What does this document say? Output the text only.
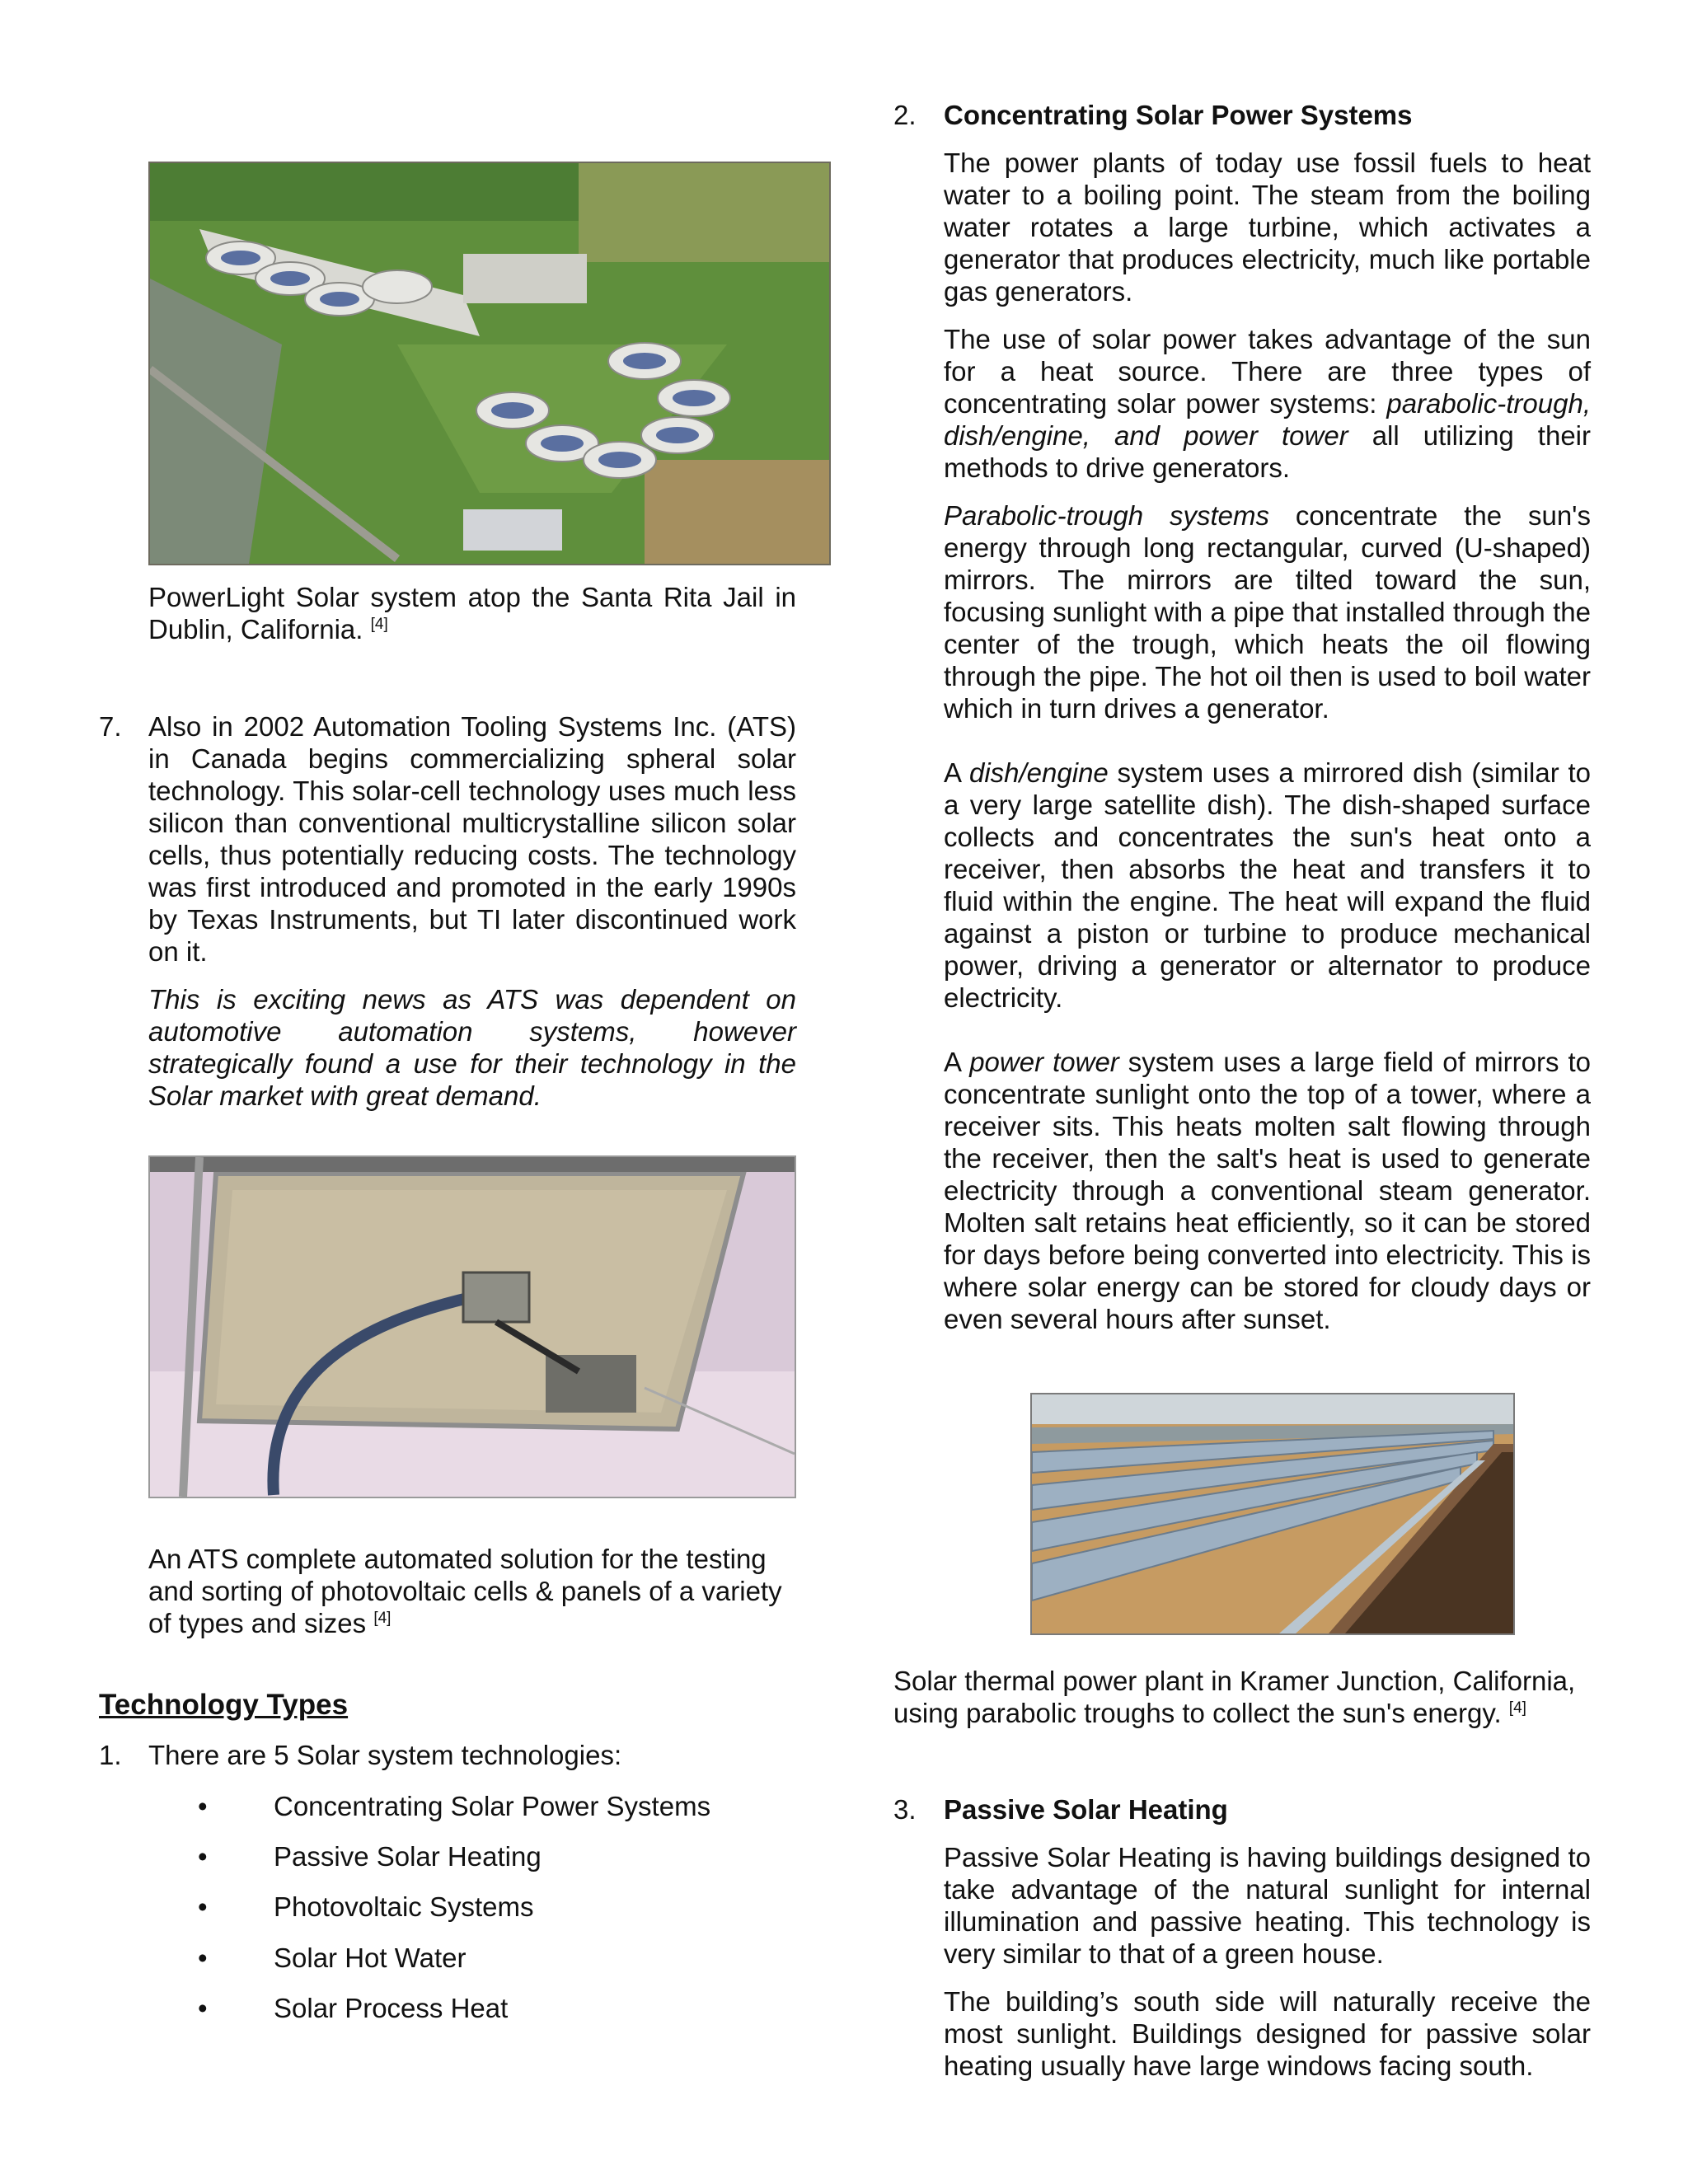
PowerLight Solar system atop the Santa Rita Jail in Dublin, California. [4]

7. Also in 2002 Automation Tooling Systems Inc. (ATS) in Canada begins commercializing spheral solar technology. This solar-cell technology uses much less silicon than conventional multicrystalline silicon solar cells, thus potentially reducing costs. The technology was first introduced and promoted in the early 1990s by Texas Instruments, but TI later discontinued work on it.

This is exciting news as ATS was dependent on automotive automation systems, however strategically found a use for their technology in the Solar market with great demand.

An ATS complete automated solution for the testing and sorting of photovoltaic cells & panels of a variety of types and sizes [4]

Technology Types
1. There are 5 Solar system technologies:

• Concentrating Solar Power Systems
• Passive Solar Heating
• Photovoltaic Systems
• Solar Hot Water
• Solar Process Heat
2. Concentrating Solar Power Systems

The power plants of today use fossil fuels to heat water to a boiling point. The steam from the boiling water rotates a large turbine, which activates a generator that produces electricity, much like portable gas generators.

The use of solar power takes advantage of the sun for a heat source. There are three types of concentrating solar power systems: parabolic-trough, dish/engine, and power tower all utilizing their methods to drive generators.

Parabolic-trough systems concentrate the sun's energy through long rectangular, curved (U-shaped) mirrors. The mirrors are tilted toward the sun, focusing sunlight with a pipe that installed through the center of the trough, which heats the oil flowing through the pipe. The hot oil then is used to boil water which in turn drives a generator.

A dish/engine system uses a mirrored dish (similar to a very large satellite dish). The dish-shaped surface collects and concentrates the sun's heat onto a receiver, then absorbs the heat and transfers it to fluid within the engine. The heat will expand the fluid against a piston or turbine to produce mechanical power, driving a generator or alternator to produce electricity.

A power tower system uses a large field of mirrors to concentrate sunlight onto the top of a tower, where a receiver sits. This heats molten salt flowing through the receiver, then the salt's heat is used to generate electricity through a conventional steam generator. Molten salt retains heat efficiently, so it can be stored for days before being converted into electricity. This is where solar energy can be stored for cloudy days or even several hours after sunset.

Solar thermal power plant in Kramer Junction, California, using parabolic troughs to collect the sun's energy. [4]

3. Passive Solar Heating

Passive Solar Heating is having buildings designed to take advantage of the natural sunlight for internal illumination and passive heating. This technology is very similar to that of a green house.

The building’s south side will naturally receive the most sunlight. Buildings designed for passive solar heating usually have large windows facing south.
